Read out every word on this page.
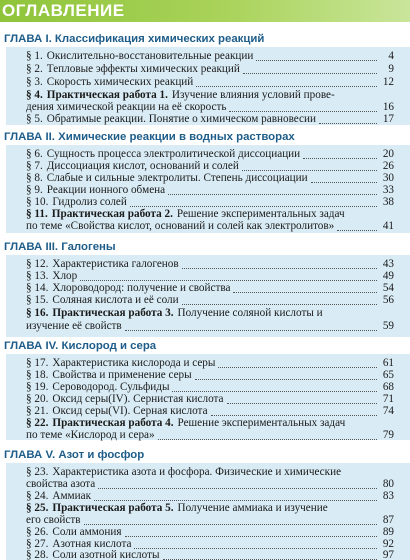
ОГЛАВЛЕНИЕ
ГЛАВА I. Классификация химических реакций
§ 1. Окислительно-восстановительные реакции	4
§ 2. Тепловые эффекты химических реакций	9
§ 3. Скорость химических реакций	12
§ 4. Практическая работа 1. Изучение влияния условий прове-
дения химической реакции на её скорость	16
§ 5. Обратимые реакции. Понятие о химическом равновесии	17
ГЛАВА II. Химические реакции в водных растворах
§ 6. Сущность процесса электролитической диссоциации	20
§ 7. Диссоциация кислот, оснований и солей	26
§ 8. Слабые и сильные электролиты. Степень диссоциации	30
§ 9. Реакции ионного обмена	33
§ 10. Гидролиз солей	38
§ 11. Практическая работа 2. Решение экспериментальных задач
по теме «Свойства кислот, оснований и солей как электролитов»	41
ГЛАВА III. Галогены
§ 12. Характеристика галогенов	43
§ 13. Хлор	49
§ 14. Хлороводород: получение и свойства	54
§ 15. Соляная кислота и её соли	56
§ 16. Практическая работа 3. Получение соляной кислоты и
изучение её свойств	59
ГЛАВА IV. Кислород и сера
§ 17. Характеристика кислорода и серы	61
§ 18. Свойства и применение серы	65
§ 19. Сероводород. Сульфиды	68
§ 20. Оксид серы(IV). Сернистая кислота	71
§ 21. Оксид серы(VI). Серная кислота	74
§ 22. Практическая работа 4. Решение экспериментальных задач
по теме «Кислород и сера»	79
ГЛАВА V. Азот и фосфор
§ 23. Характеристика азота и фосфора. Физические и химические
свойства азота	80
§ 24. Аммиак	83
§ 25. Практическая работа 5. Получение аммиака и изучение
его свойств	87
§ 26. Соли аммония	89
§ 27. Азотная кислота	92
§ 28. Соли азотной кислоты	97
